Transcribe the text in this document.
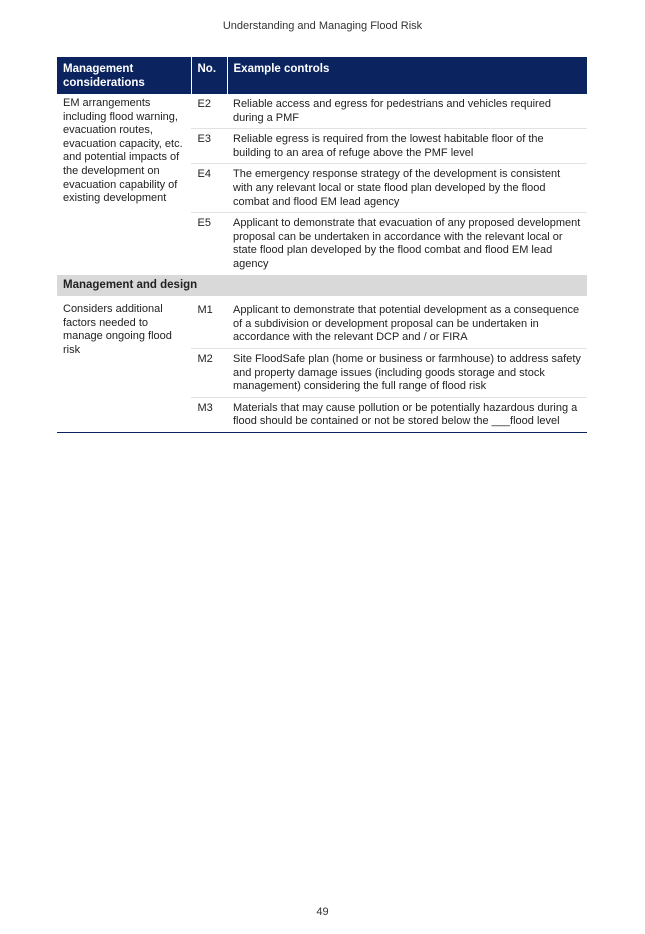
Understanding and Managing Flood Risk
Management considerations	No.	Example controls
EM arrangements including flood warning, evacuation routes, evacuation capacity, etc. and potential impacts of the development on evacuation capability of existing development	E2	Reliable access and egress for pedestrians and vehicles required during a PMF
	E3	Reliable egress is required from the lowest habitable floor of the building to an area of refuge above the PMF level
	E4	The emergency response strategy of the development is consistent with any relevant local or state flood plan developed by the flood combat and flood EM lead agency
	E5	Applicant to demonstrate that evacuation of any proposed development proposal can be undertaken in accordance with the relevant local or state flood plan developed by the flood combat and flood EM lead agency
Management and design		

Considers additional factors needed to manage ongoing flood risk	M1	Applicant to demonstrate that potential development as a consequence of a subdivision or development proposal can be undertaken in accordance with the relevant DCP and / or FIRA
	M2	Site FloodSafe plan (home or business or farmhouse) to address safety and property damage issues (including goods storage and stock management) considering the full range of flood risk
	M3	Materials that may cause pollution or be potentially hazardous during a flood should be contained or not be stored below the ___flood level
49
